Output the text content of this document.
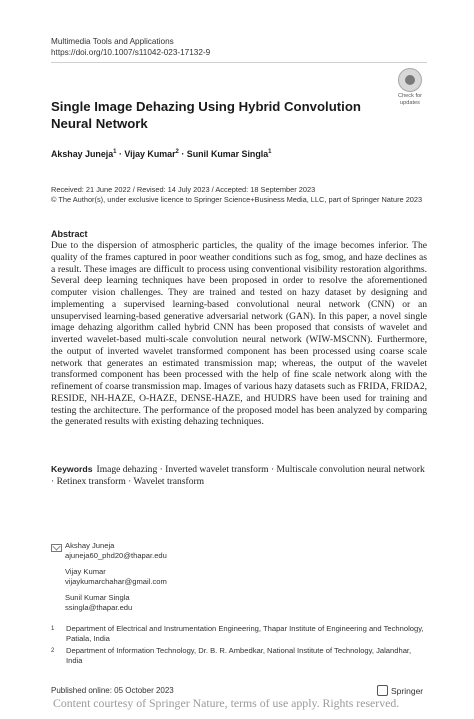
Multimedia Tools and Applications
https://doi.org/10.1007/s11042-023-17132-9
Check for
updates
Single Image Dehazing Using Hybrid Convolution Neural Network
Akshay Juneja$^1$ · Vijay Kumar$^2$ · Sunil Kumar Singla$^1$
Received: 21 June 2022 / Revised: 14 July 2023 / Accepted: 18 September 2023
© The Author(s), under exclusive licence to Springer Science+Business Media, LLC, part of Springer Nature 2023
Abstract
Due to the dispersion of atmospheric particles, the quality of the image becomes inferior. The quality of the frames captured in poor weather conditions such as fog, smog, and haze declines as a result. These images are difficult to process using conventional visibility restoration algorithms. Several deep learning techniques have been proposed in order to resolve the aforementioned computer vision challenges. They are trained and tested on hazy dataset by designing and implementing a supervised learning-based convolutional neural network (CNN) or an unsupervised learning-based generative adversarial network (GAN). In this paper, a novel single image dehazing algorithm called hybrid CNN has been proposed that consists of wavelet and inverted wavelet-based multi-scale convolution neural network (WIW-MSCNN). Furthermore, the output of inverted wavelet transformed component has been processed using coarse scale network that generates an estimated transmission map; whereas, the output of the wavelet transformed component has been processed with the help of fine scale network along with the refinement of coarse transmission map. Images of various hazy datasets such as FRIDA, FRIDA2, RESIDE, NH-HAZE, O-HAZE, DENSE-HAZE, and HUDRS have been used for training and testing the architecture. The performance of the proposed model has been analyzed by comparing the generated results with existing dehazing techniques.
Keywords Image dehazing · Inverted wavelet transform · Multiscale convolution neural network · Retinex transform · Wavelet transform
Akshay Juneja
ajuneja60_phd20@thapar.edu
Vijay Kumar
vijaykumarchahar@gmail.com
Sunil Kumar Singla
ssingla@thapar.edu
1 Department of Electrical and Instrumentation Engineering, Thapar Institute of Engineering and Technology, Patiala, India
2 Department of Information Technology, Dr. B. R. Ambedkar, National Institute of Technology, Jalandhar, India
Published online: 05 October 2023	Springer
Content courtesy of Springer Nature, terms of use apply. Rights reserved.
